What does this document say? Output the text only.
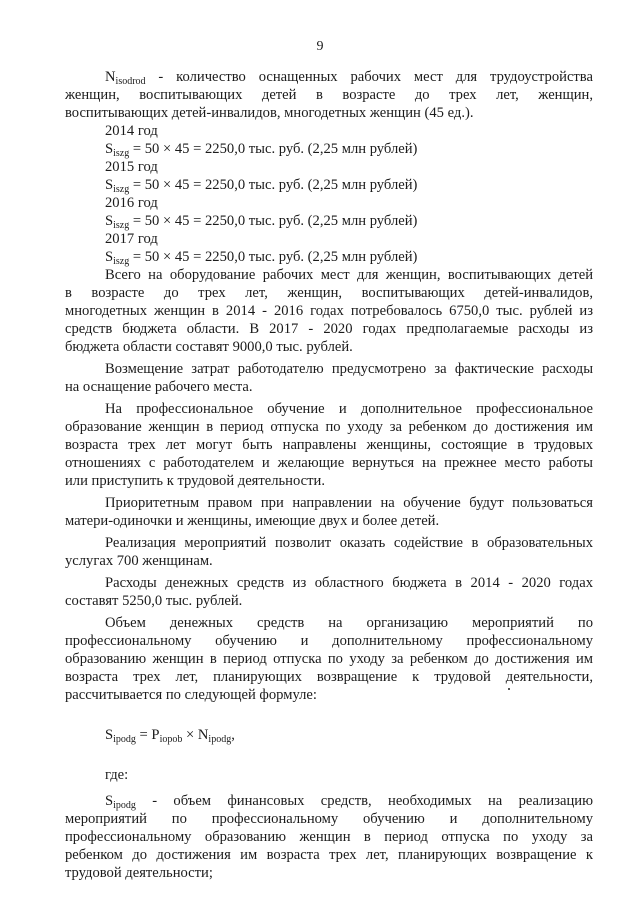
9

$N_{isodrod}$ - количество оснащенных рабочих мест для трудоустройства

женщин, воспитывающих детей в возрасте до трех лет, женщин,

воспитывающих детей-инвалидов, многодетных женщин (45 ед.).

2014 год

$S_{iszg} = 50 \times 45 = 2250,0$ тыс. руб. (2,25 млн рублей)

2015 год

$S_{iszg} = 50 \times 45 = 2250,0$ тыс. руб. (2,25 млн рублей)

2016 год

$S_{iszg} = 50 \times 45 = 2250,0$ тыс. руб. (2,25 млн рублей)

2017 год

$S_{iszg} = 50 \times 45 = 2250,0$ тыс. руб. (2,25 млн рублей)

Всего на оборудование рабочих мест для женщин, воспитывающих детей

в возрасте до трех лет, женщин, воспитывающих детей-инвалидов,

многодетных женщин в 2014 - 2016 годах потребовалось 6750,0 тыс. рублей из

средств бюджета области. В 2017 - 2020 годах предполагаемые расходы из

бюджета области составят 9000,0 тыс. рублей.

Возмещение затрат работодателю предусмотрено за фактические расходы

на оснащение рабочего места.

На профессиональное обучение и дополнительное профессиональное

образование женщин в период отпуска по уходу за ребенком до достижения им

возраста трех лет могут быть направлены женщины, состоящие в трудовых

отношениях с работодателем и желающие вернуться на прежнее место работы

или приступить к трудовой деятельности.

Приоритетным правом при направлении на обучение будут пользоваться

матери-одиночки и женщины, имеющие двух и более детей.

Реализация мероприятий позволит оказать содействие в образовательных

услугах 700 женщинам.

Расходы денежных средств из областного бюджета в 2014 - 2020 годах

составят 5250,0 тыс. рублей.

Объем денежных средств на организацию мероприятий по

профессиональному обучению и дополнительному профессиональному

образованию женщин в период отпуска по уходу за ребенком до достижения им

возраста трех лет, планирующих возвращение к трудовой деятельности,

рассчитывается по следующей формуле:

$S_{ipodg} = P_{iopob} \times N_{ipodg}$,

где:

$S_{ipodg}$ - объем финансовых средств, необходимых на реализацию

мероприятий по профессиональному обучению и дополнительному

профессиональному образованию женщин в период отпуска по уходу за

ребенком до достижения им возраста трех лет, планирующих возвращение к

трудовой деятельности;
